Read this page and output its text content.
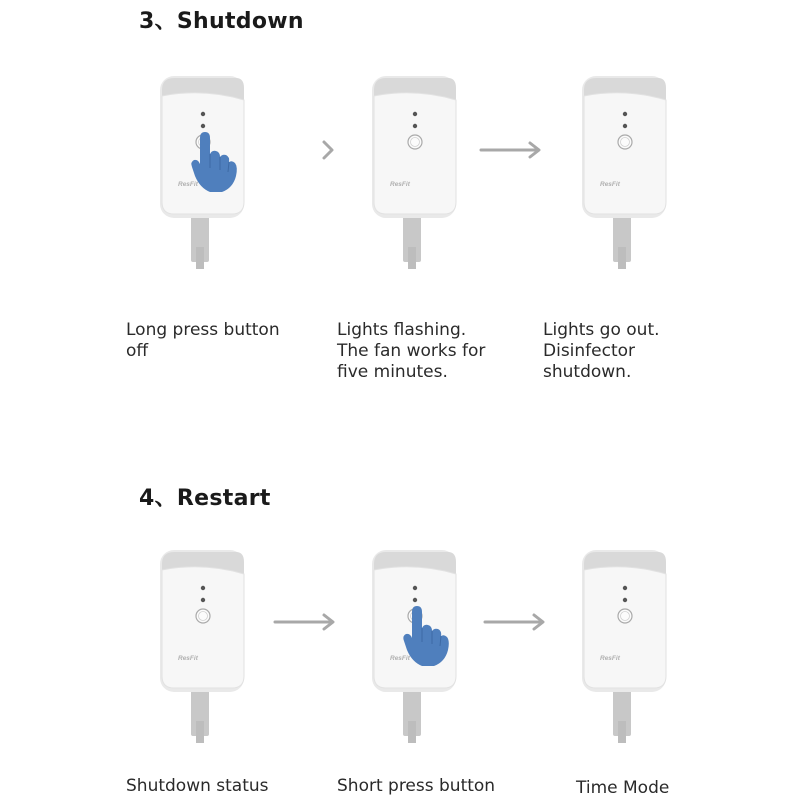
3、Shutdown
ResFit	ResFit	ResFit
Long press button
off
Lights flashing.
The fan works for
five minutes.
Lights go out.
Disinfector
shutdown.
4、Restart
ResFit	ResFit	ResFit
Shutdown status	Short press button	Time Mode
